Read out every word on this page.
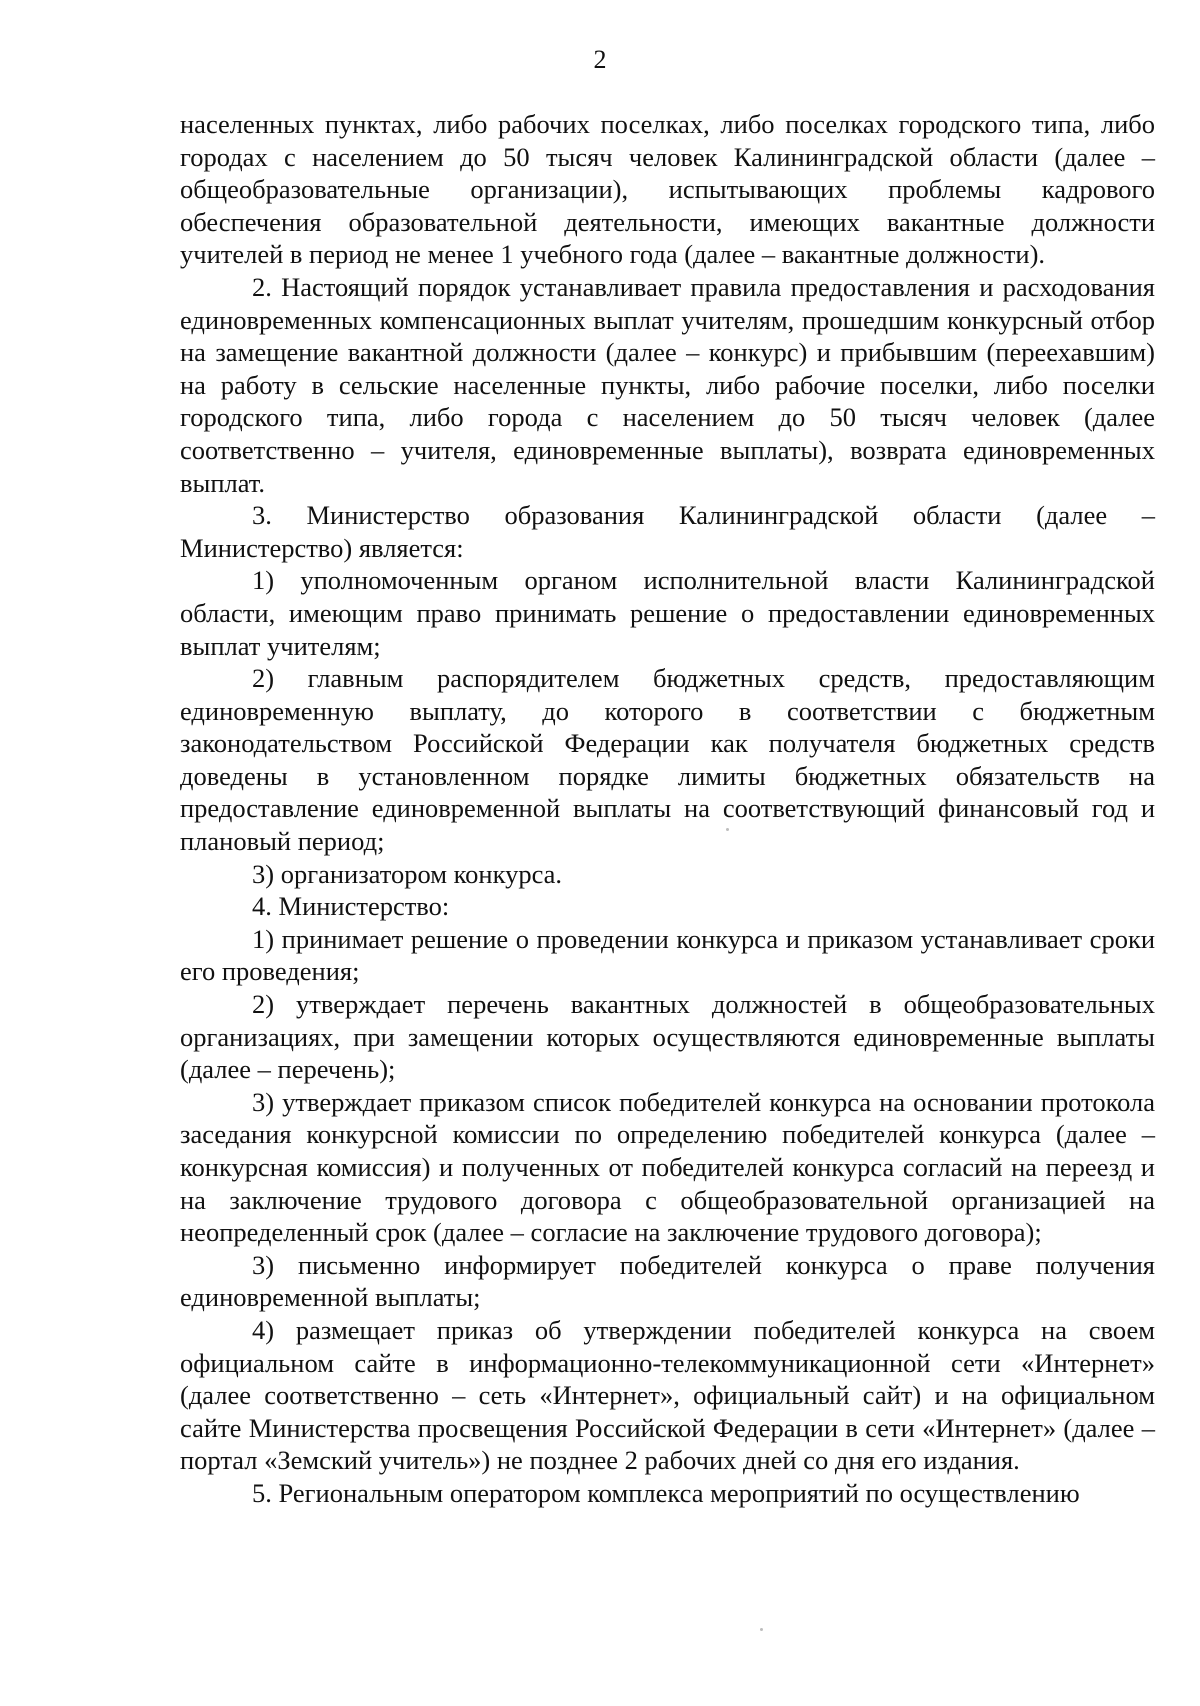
2

населенных пунктах, либо рабочих поселках, либо поселках городского типа, либо городах с населением до 50 тысяч человек Калининградской области (далее – общеобразовательные организации), испытывающих проблемы кадрового обеспечения образовательной деятельности, имеющих вакантные должности учителей в период не менее 1 учебного года (далее – вакантные должности).

2. Настоящий порядок устанавливает правила предоставления и расходования единовременных компенсационных выплат учителям, прошедшим конкурсный отбор на замещение вакантной должности (далее – конкурс) и прибывшим (переехавшим) на работу в сельские населенные пункты, либо рабочие поселки, либо поселки городского типа, либо города с населением до 50 тысяч человек (далее соответственно – учителя, единовременные выплаты), возврата единовременных выплат.

3. Министерство образования Калининградской области (далее – Министерство) является:

1) уполномоченным органом исполнительной власти Калининградской области, имеющим право принимать решение о предоставлении единовременных выплат учителям;

2) главным распорядителем бюджетных средств, предоставляющим единовременную выплату, до которого в соответствии с бюджетным законодательством Российской Федерации как получателя бюджетных средств доведены в установленном порядке лимиты бюджетных обязательств на предоставление единовременной выплаты на соответствующий финансовый год и плановый период;

3) организатором конкурса.

4. Министерство:

1) принимает решение о проведении конкурса и приказом устанавливает сроки его проведения;

2) утверждает перечень вакантных должностей в общеобразовательных организациях, при замещении которых осуществляются единовременные выплаты (далее – перечень);

3) утверждает приказом список победителей конкурса на основании протокола заседания конкурсной комиссии по определению победителей конкурса (далее – конкурсная комиссия) и полученных от победителей конкурса согласий на переезд и на заключение трудового договора с общеобразовательной организацией на неопределенный срок (далее – согласие на заключение трудового договора);

3) письменно информирует победителей конкурса о праве получения единовременной выплаты;

4) размещает приказ об утверждении победителей конкурса на своем официальном сайте в информационно-телекоммуникационной сети «Интернет» (далее соответственно – сеть «Интернет», официальный сайт) и на официальном сайте Министерства просвещения Российской Федерации в сети «Интернет» (далее – портал «Земский учитель») не позднее 2 рабочих дней со дня его издания.

5. Региональным оператором комплекса мероприятий по осуществлению
